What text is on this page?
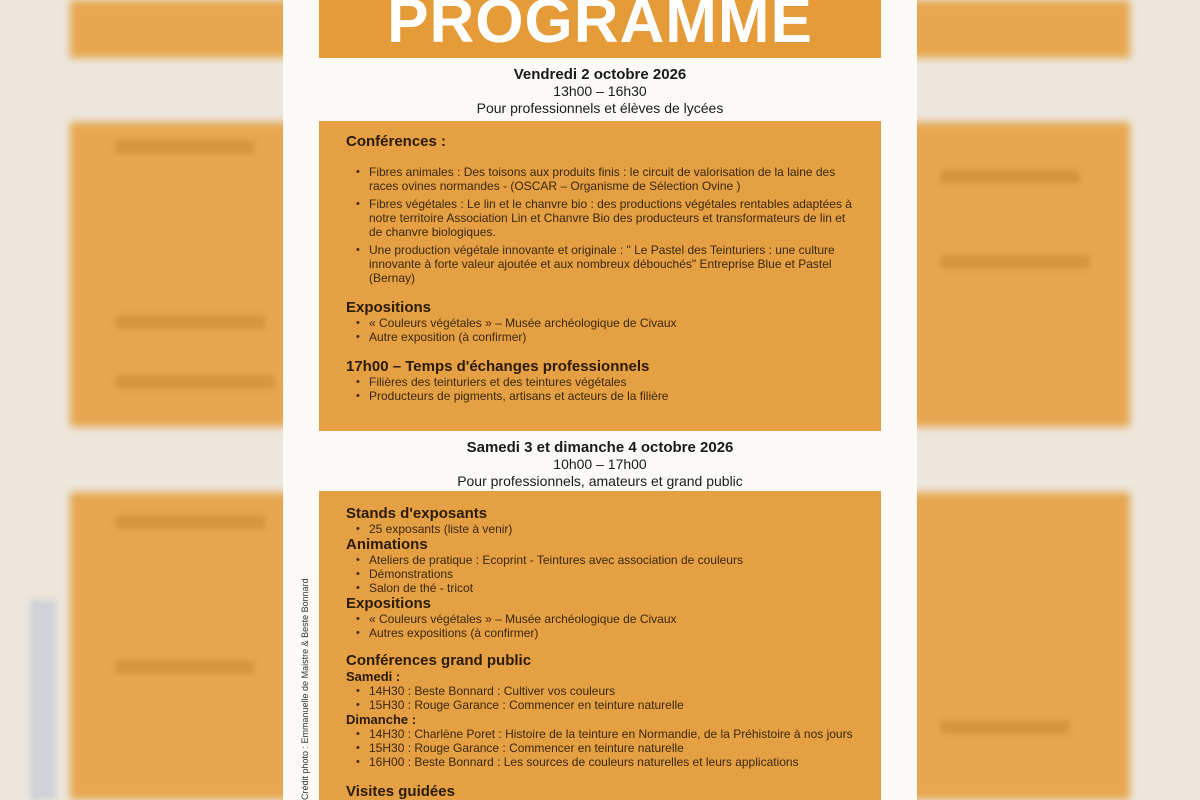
PROGRAMME
Vendredi 2 octobre 2026
13h00 – 16h30
Pour professionnels et élèves de lycées
Conférences :
• Fibres animales : Des toisons aux produits finis : le circuit de valorisation de la laine des races ovines normandes - (OSCAR – Organisme de Sélection Ovine )
• Fibres végétales : Le lin et le chanvre bio : des productions végétales rentables adaptées à notre territoire Association Lin et Chanvre Bio des producteurs et transformateurs de lin et de chanvre biologiques.
• Une production végétale innovante et originale : " Le Pastel des Teinturiers : une culture innovante à forte valeur ajoutée et aux nombreux débouchés" Entreprise Blue et Pastel (Bernay)
Expositions
• « Couleurs végétales » – Musée archéologique de Civaux
• Autre exposition (à confirmer)
17h00 – Temps d'échanges professionnels
• Filières des teinturiers et des teintures végétales
• Producteurs de pigments, artisans et acteurs de la filière
Samedi 3 et dimanche 4 octobre 2026
10h00 – 17h00
Pour professionnels, amateurs et grand public
Stands d'exposants
• 25 exposants (liste à venir)
Animations
• Ateliers de pratique : Ecoprint - Teintures avec association de couleurs
• Démonstrations
• Salon de thé - tricot
Expositions
• « Couleurs végétales » – Musée archéologique de Civaux
• Autres expositions (à confirmer)
Conférences grand public
Samedi :
• 14H30 : Beste Bonnard : Cultiver vos couleurs
• 15H30 : Rouge Garance : Commencer en teinture naturelle
Dimanche :
• 14H30 : Charlène Poret : Histoire de la teinture en Normandie, de la Préhistoire à nos jours
• 15H30 : Rouge Garance : Commencer en teinture naturelle
• 16H00 : Beste Bonnard : Les sources de couleurs naturelles et leurs applications
Visites guidées
Crédit photo : Emmanuelle de Maistre & Beste Bonnard
